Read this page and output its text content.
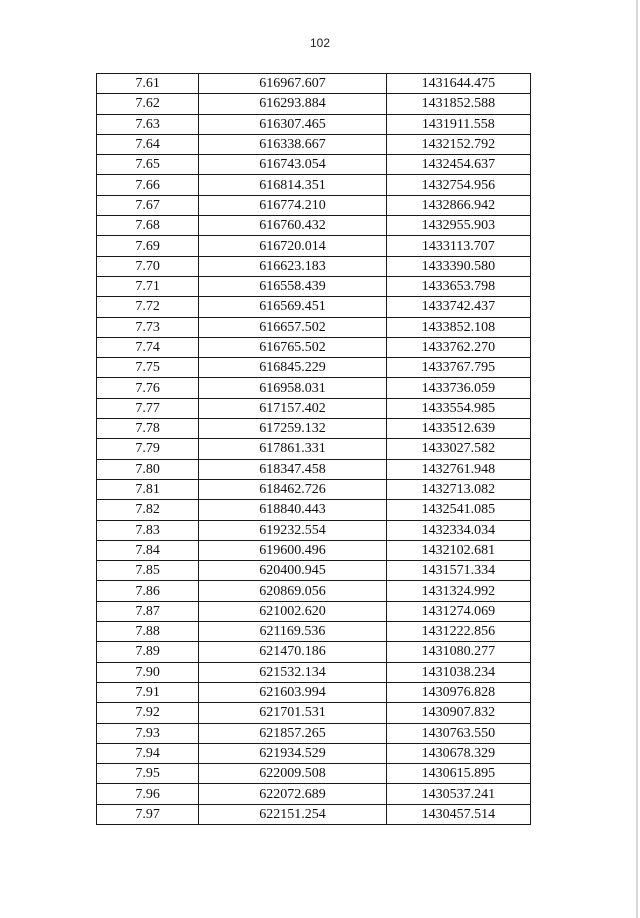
102
7.61	616967.607	1431644.475
7.62	616293.884	1431852.588
7.63	616307.465	1431911.558
7.64	616338.667	1432152.792
7.65	616743.054	1432454.637
7.66	616814.351	1432754.956
7.67	616774.210	1432866.942
7.68	616760.432	1432955.903
7.69	616720.014	1433113.707
7.70	616623.183	1433390.580
7.71	616558.439	1433653.798
7.72	616569.451	1433742.437
7.73	616657.502	1433852.108
7.74	616765.502	1433762.270
7.75	616845.229	1433767.795
7.76	616958.031	1433736.059
7.77	617157.402	1433554.985
7.78	617259.132	1433512.639
7.79	617861.331	1433027.582
7.80	618347.458	1432761.948
7.81	618462.726	1432713.082
7.82	618840.443	1432541.085
7.83	619232.554	1432334.034
7.84	619600.496	1432102.681
7.85	620400.945	1431571.334
7.86	620869.056	1431324.992
7.87	621002.620	1431274.069
7.88	621169.536	1431222.856
7.89	621470.186	1431080.277
7.90	621532.134	1431038.234
7.91	621603.994	1430976.828
7.92	621701.531	1430907.832
7.93	621857.265	1430763.550
7.94	621934.529	1430678.329
7.95	622009.508	1430615.895
7.96	622072.689	1430537.241
7.97	622151.254	1430457.514
